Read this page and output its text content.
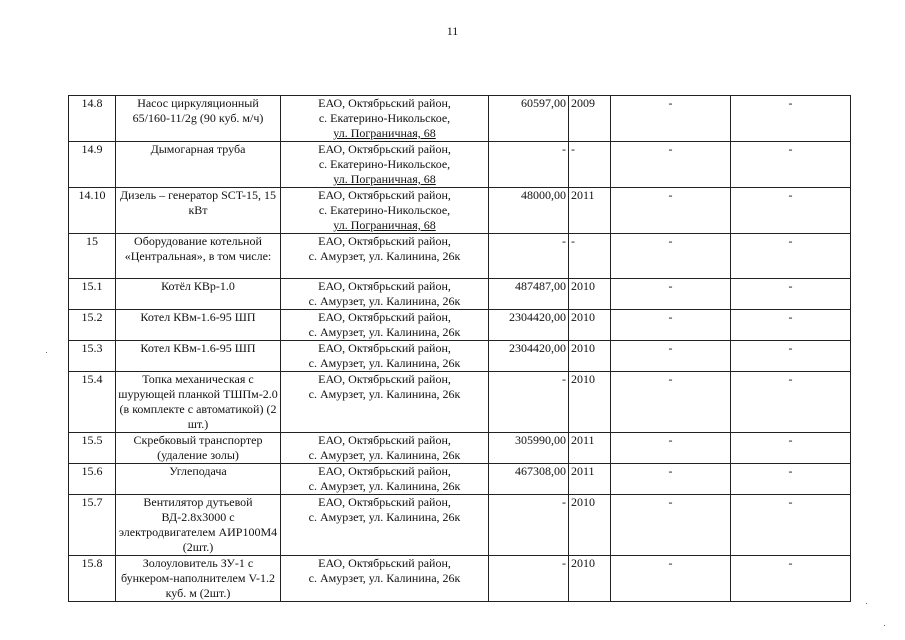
11
14.8	Насос циркуляционный 65/160-11/2g (90 куб. м/ч)	ЕАО, Октябрьский район,
с. Екатерино-Никольское,
ул. Пограничная, 68	60597,00	2009	-	-
14.9	Дымогарная труба	ЕАО, Октябрьский район,
с. Екатерино-Никольское,
ул. Пограничная, 68	-	-	-	-
14.10	Дизель – генератор SCT-15, 15 кВт	ЕАО, Октябрьский район,
с. Екатерино-Никольское,
ул. Пограничная, 68	48000,00	2011	-	-
15	Оборудование котельной «Центральная», в том числе:	ЕАО, Октябрьский район,
с. Амурзет, ул. Калинина, 26к	-	-	-	-
15.1	Котёл КВр-1.0	ЕАО, Октябрьский район,
с. Амурзет, ул. Калинина, 26к	487487,00	2010	-	-
15.2	Котел КВм-1.6-95 ШП	ЕАО, Октябрьский район,
с. Амурзет, ул. Калинина, 26к	2304420,00	2010	-	-
15.3	Котел КВм-1.6-95 ШП	ЕАО, Октябрьский район,
с. Амурзет, ул. Калинина, 26к	2304420,00	2010	-	-
15.4	Топка механическая с шурующей планкой ТШПм-2.0 (в комплекте с автоматикой) (2 шт.)	ЕАО, Октябрьский район,
с. Амурзет, ул. Калинина, 26к	-	2010	-	-
15.5	Скребковый транспортер (удаление золы)	ЕАО, Октябрьский район,
с. Амурзет, ул. Калинина, 26к	305990,00	2011	-	-
15.6	Углеподача	ЕАО, Октябрьский район,
с. Амурзет, ул. Калинина, 26к	467308,00	2011	-	-
15.7	Вентилятор дутьевой ВД-2.8х3000 с электродвигателем АИР100М4 (2шт.)	ЕАО, Октябрьский район,
с. Амурзет, ул. Калинина, 26к	-	2010	-	-
15.8	Золоуловитель ЗУ-1 с бункером-наполнителем V-1.2 куб. м (2шт.)	ЕАО, Октябрьский район,
с. Амурзет, ул. Калинина, 26к	-	2010	-	-
